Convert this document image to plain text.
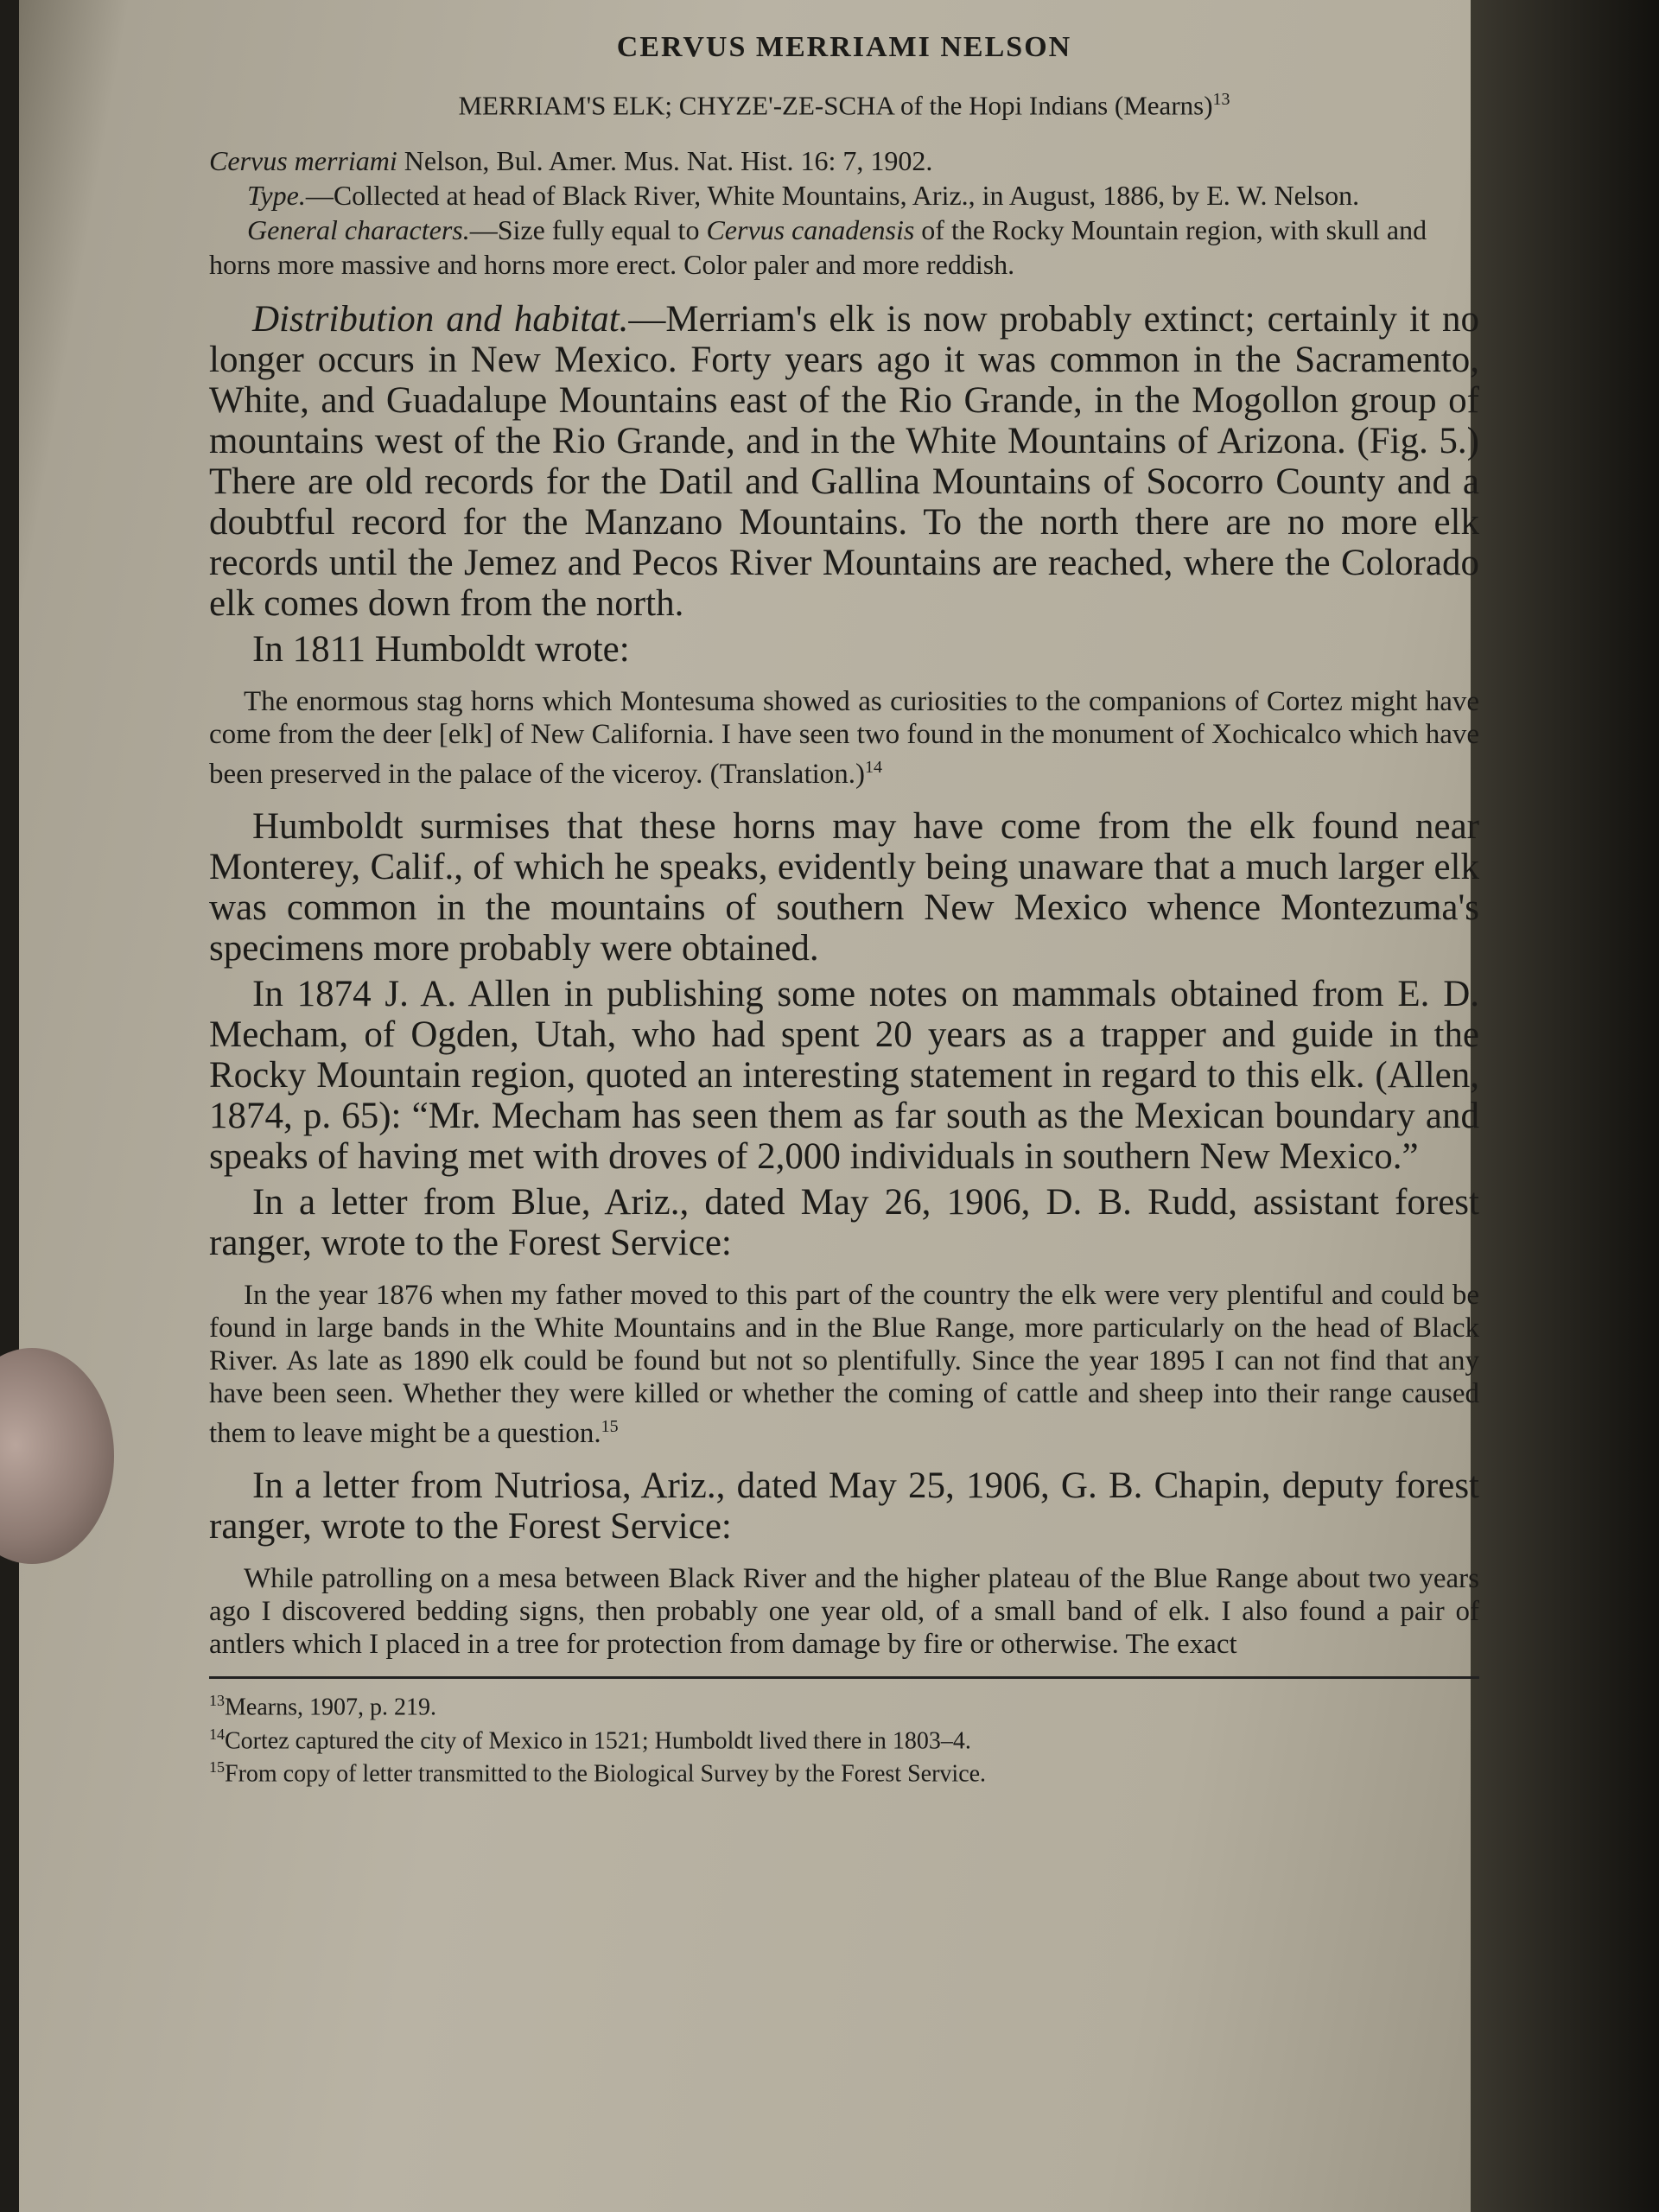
CERVUS MERRIAMI NELSON
MERRIAM'S ELK; CHYZE'-ZE-SCHA of the Hopi Indians (Mearns)$^{13}$

Cervus merriami Nelson, Bul. Amer. Mus. Nat. Hist. 16: 7, 1902.

Type.—Collected at head of Black River, White Mountains, Ariz., in August, 1886, by E. W. Nelson.

General characters.—Size fully equal to Cervus canadensis of the Rocky Mountain region, with skull and horns more massive and horns more erect. Color paler and more reddish.

Distribution and habitat.—Merriam's elk is now probably extinct; certainly it no longer occurs in New Mexico. Forty years ago it was common in the Sacramento, White, and Guadalupe Mountains east of the Rio Grande, in the Mogollon group of mountains west of the Rio Grande, and in the White Mountains of Arizona. (Fig. 5.) There are old records for the Datil and Gallina Mountains of Socorro County and a doubtful record for the Manzano Mountains. To the north there are no more elk records until the Jemez and Pecos River Mountains are reached, where the Colorado elk comes down from the north.

In 1811 Humboldt wrote:

The enormous stag horns which Montesuma showed as curiosities to the companions of Cortez might have come from the deer [elk] of New California. I have seen two found in the monument of Xochicalco which have been preserved in the palace of the viceroy. (Translation.)$^{14}$

Humboldt surmises that these horns may have come from the elk found near Monterey, Calif., of which he speaks, evidently being unaware that a much larger elk was common in the mountains of southern New Mexico whence Montezuma's specimens more probably were obtained.

In 1874 J. A. Allen in publishing some notes on mammals obtained from E. D. Mecham, of Ogden, Utah, who had spent 20 years as a trapper and guide in the Rocky Mountain region, quoted an interesting statement in regard to this elk. (Allen, 1874, p. 65): “Mr. Mecham has seen them as far south as the Mexican boundary and speaks of having met with droves of 2,000 individuals in southern New Mexico.”

In a letter from Blue, Ariz., dated May 26, 1906, D. B. Rudd, assistant forest ranger, wrote to the Forest Service:

In the year 1876 when my father moved to this part of the country the elk were very plentiful and could be found in large bands in the White Mountains and in the Blue Range, more particularly on the head of Black River. As late as 1890 elk could be found but not so plentifully. Since the year 1895 I can not find that any have been seen. Whether they were killed or whether the coming of cattle and sheep into their range caused them to leave might be a question.$^{15}$

In a letter from Nutriosa, Ariz., dated May 25, 1906, G. B. Chapin, deputy forest ranger, wrote to the Forest Service:

While patrolling on a mesa between Black River and the higher plateau of the Blue Range about two years ago I discovered bedding signs, then probably one year old, of a small band of elk. I also found a pair of antlers which I placed in a tree for protection from damage by fire or otherwise. The exact

$^{13}$Mearns, 1907, p. 219.

$^{14}$Cortez captured the city of Mexico in 1521; Humboldt lived there in 1803–4.

$^{15}$From copy of letter transmitted to the Biological Survey by the Forest Service.
